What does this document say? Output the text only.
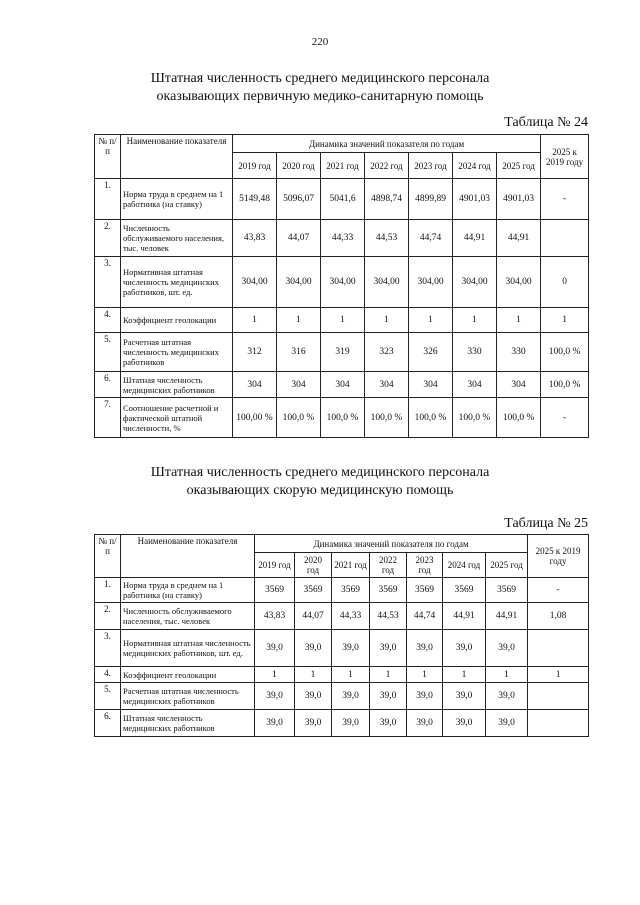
220
Штатная численность среднего медицинского персонала
оказывающих первичную медико-санитарную помощь
Таблица № 24
№ п/п	Наименование показателя	Динамика значений показателя по годам							2025 к 2019 году
		2019 год	2020 год	2021 год	2022 год	2023 год	2024 год	2025 год	
1.	Норма труда в среднем на 1 работника (на ставку)	5149,48	5096,07	5041,6	4898,74	4899,89	4901,03	4901,03	-
2.	Численность обслуживаемого населения, тыс. человек	43,83	44,07	44,33	44,53	44,74	44,91	44,91	
3.	Нормативная штатная численность медицинских работников, шт. ед.	304,00	304,00	304,00	304,00	304,00	304,00	304,00	0
4.	Коэффициент геолокации	1	1	1	1	1	1	1	1
5.	Расчетная штатная численность медицинских работников	312	316	319	323	326	330	330	100,0 %
6.	Штатная численность медицинских работников	304	304	304	304	304	304	304	100,0 %
7.	Соотношение расчетной и фактической штатной численности, %	100,00 %	100,0 %	100,0 %	100,0 %	100,0 %	100,0 %	100,0 %	-
Штатная численность среднего медицинского персонала
оказывающих скорую медицинскую помощь
Таблица № 25
№ п/п	Наименование показателя	Динамика значений показателя по годам							2025 к 2019 году
		2019 год	2020 год	2021 год	2022 год	2023 год	2024 год	2025 год	
1.	Норма труда в среднем на 1 работника (на ставку)	3569	3569	3569	3569	3569	3569	3569	-
2.	Численность обслуживаемого населения, тыс. человек	43,83	44,07	44,33	44,53	44,74	44,91	44,91	1,08
3.	Нормативная штатная численность медицинских работников, шт. ед.	39,0	39,0	39,0	39,0	39,0	39,0	39,0	
4.	Коэффициент геолокации	1	1	1	1	1	1	1	1
5.	Расчетная штатная численность медицинских работников	39,0	39,0	39,0	39,0	39,0	39,0	39,0	
6.	Штатная численность медицинских работников	39,0	39,0	39,0	39,0	39,0	39,0	39,0	
